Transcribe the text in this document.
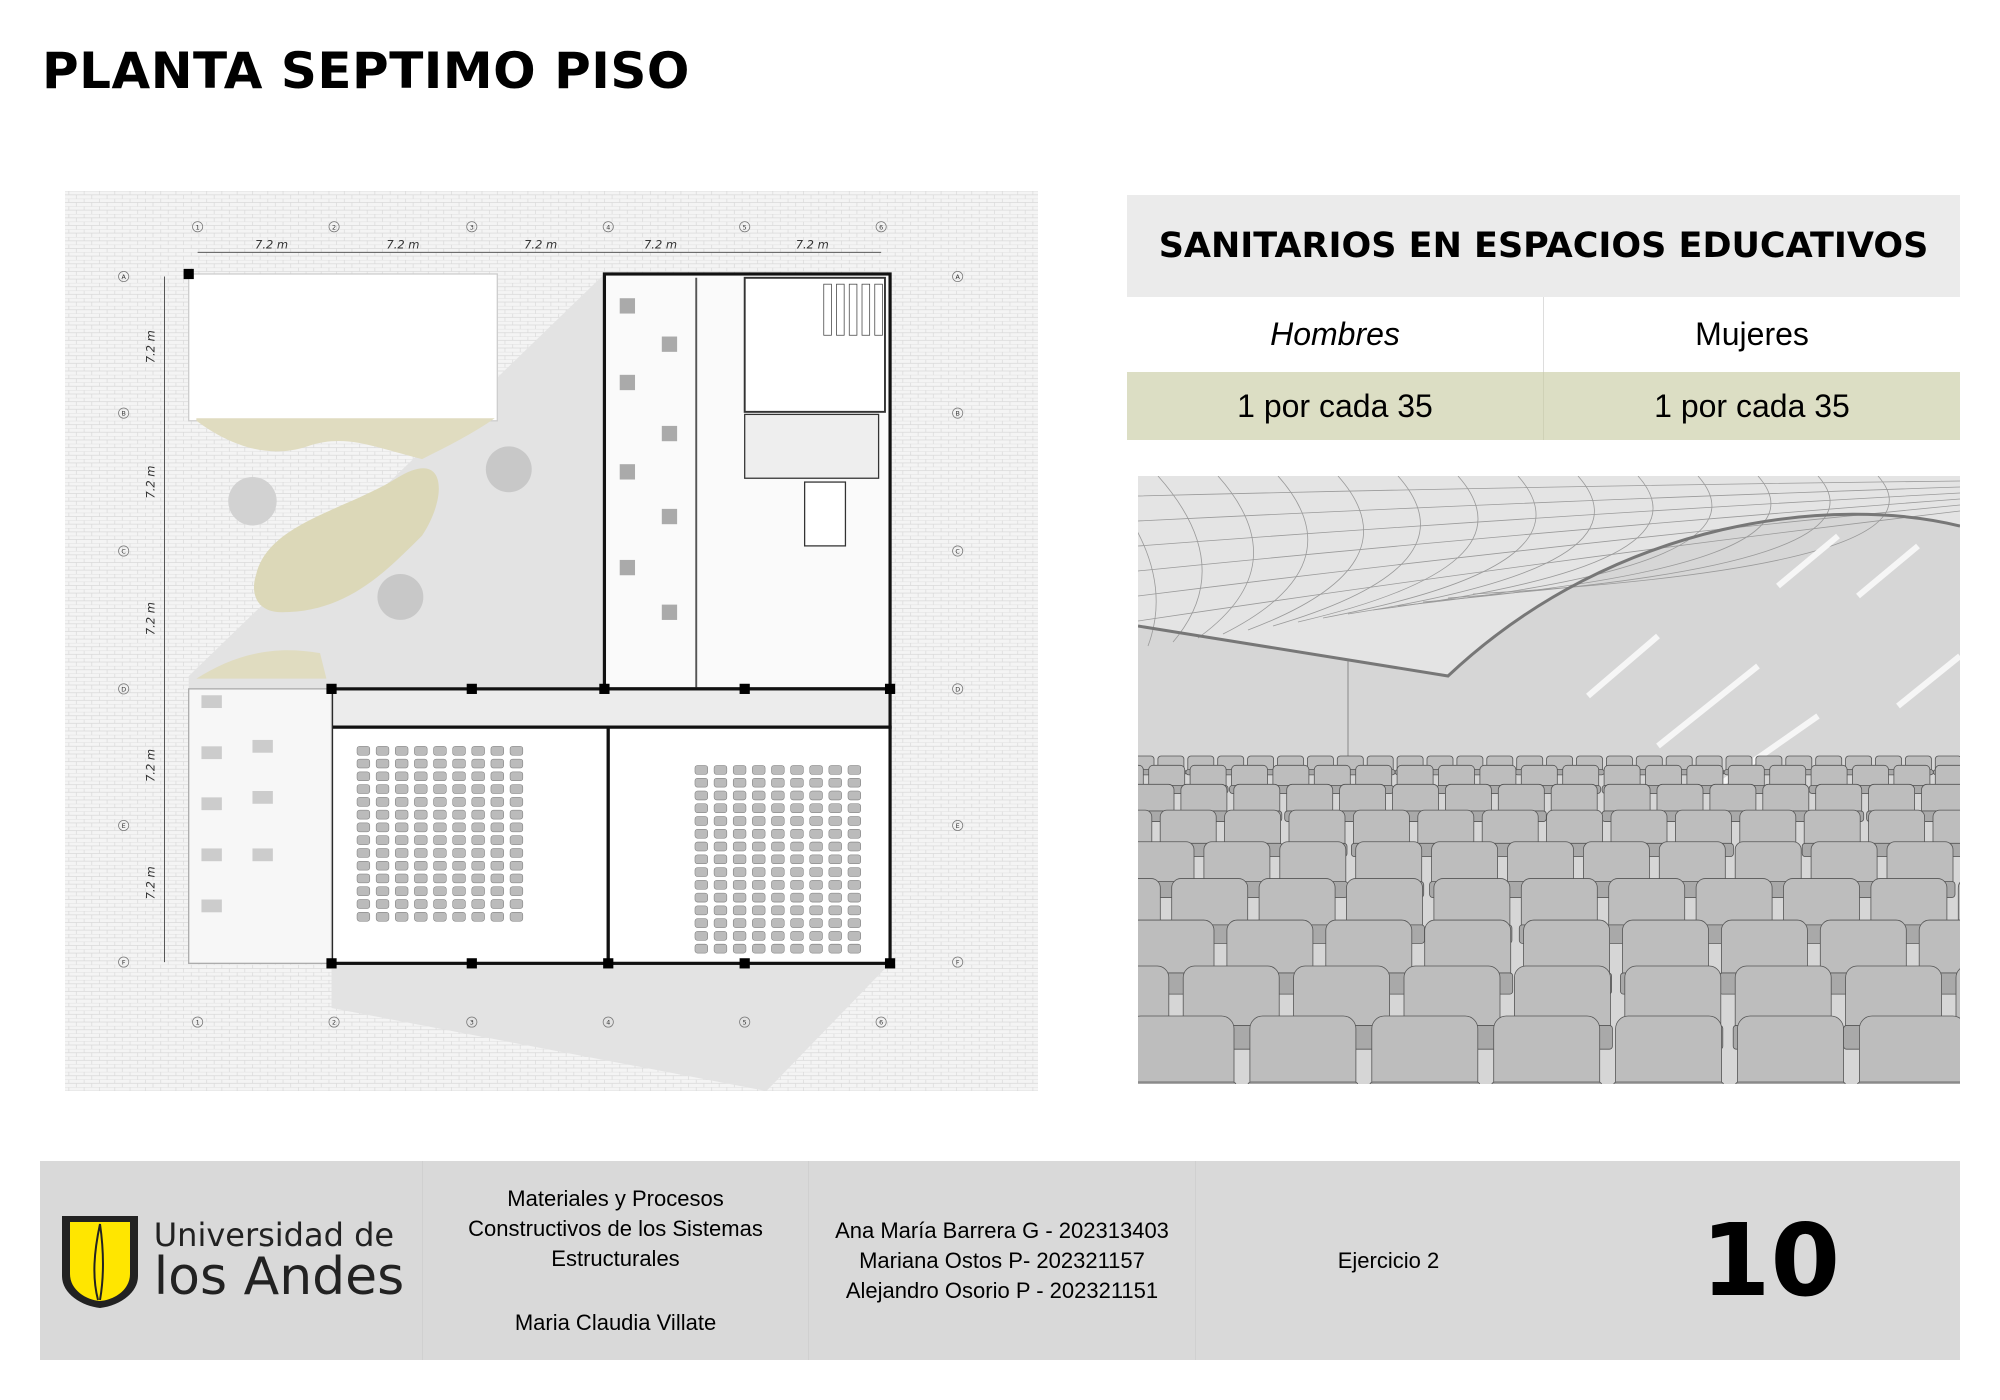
PLANTA SEPTIMO PISO
7.2 m	7.2 m	7.2 m	7.2 m	7.2 m
7.2 m
7.2 m
7.2 m
7.2 m
7.2 m
1
1
2
2
3
3
4
4
5
5
6
6
A	A
B	B
C	C
D	D
E	E
F	F
SANITARIOS EN ESPACIOS EDUCATIVOS
Hombres	Mujeres
1 por cada 35	1 por cada 35
Universidad de
los Andes
Materiales y Procesos
Constructivos de los Sistemas
Estructurales
Maria Claudia Villate
Ana María Barrera G - 202313403
Mariana Ostos P- 202321157
Alejandro Osorio P - 202321151
Ejercicio 2	10
